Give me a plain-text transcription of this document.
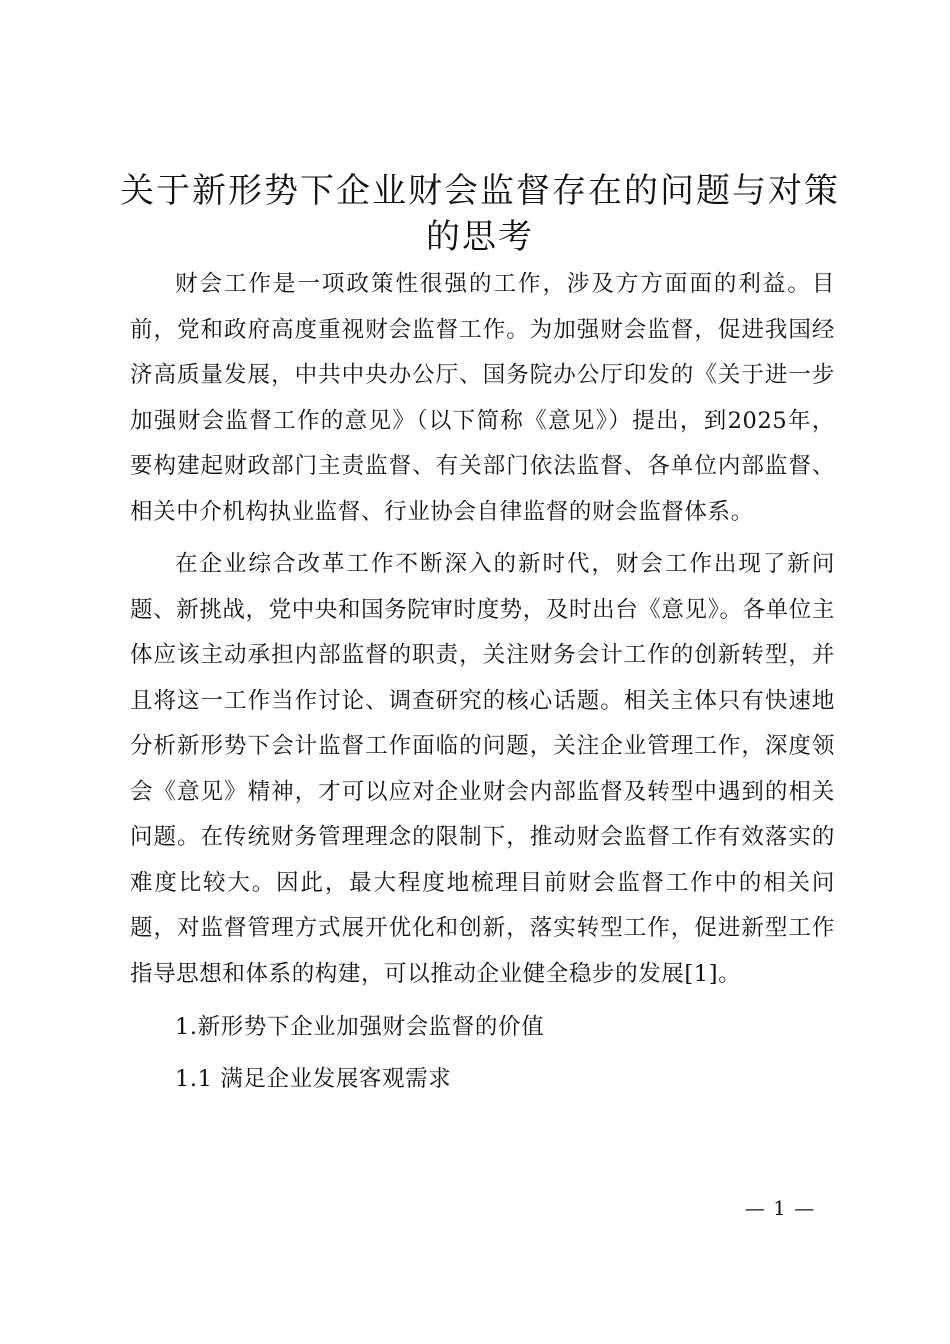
关于新形势下企业财会监督存在的问题与对策
的思考

财会工作是一项政策性很强的工作，涉及方方面面的利益。目前，党和政府高度重视财会监督工作。为加强财会监督，促进我国经济高质量发展，中共中央办公厅、国务院办公厅印发的《关于进一步加强财会监督工作的意见》（以下简称《意见》）提出，到2025年，要构建起财政部门主责监督、有关部门依法监督、各单位内部监督、相关中介机构执业监督、行业协会自律监督的财会监督体系。

在企业综合改革工作不断深入的新时代，财会工作出现了新问题、新挑战，党中央和国务院审时度势，及时出台《意见》。各单位主体应该主动承担内部监督的职责，关注财务会计工作的创新转型，并且将这一工作当作讨论、调查研究的核心话题。相关主体只有快速地分析新形势下会计监督工作面临的问题，关注企业管理工作，深度领会《意见》精神，才可以应对企业财会内部监督及转型中遇到的相关问题。在传统财务管理理念的限制下，推动财会监督工作有效落实的难度比较大。因此，最大程度地梳理目前财会监督工作中的相关问题，对监督管理方式展开优化和创新，落实转型工作，促进新型工作指导思想和体系的构建，可以推动企业健全稳步的发展[1]。

1.新形势下企业加强财会监督的价值

1.1 满足企业发展客观需求

— 1 —
